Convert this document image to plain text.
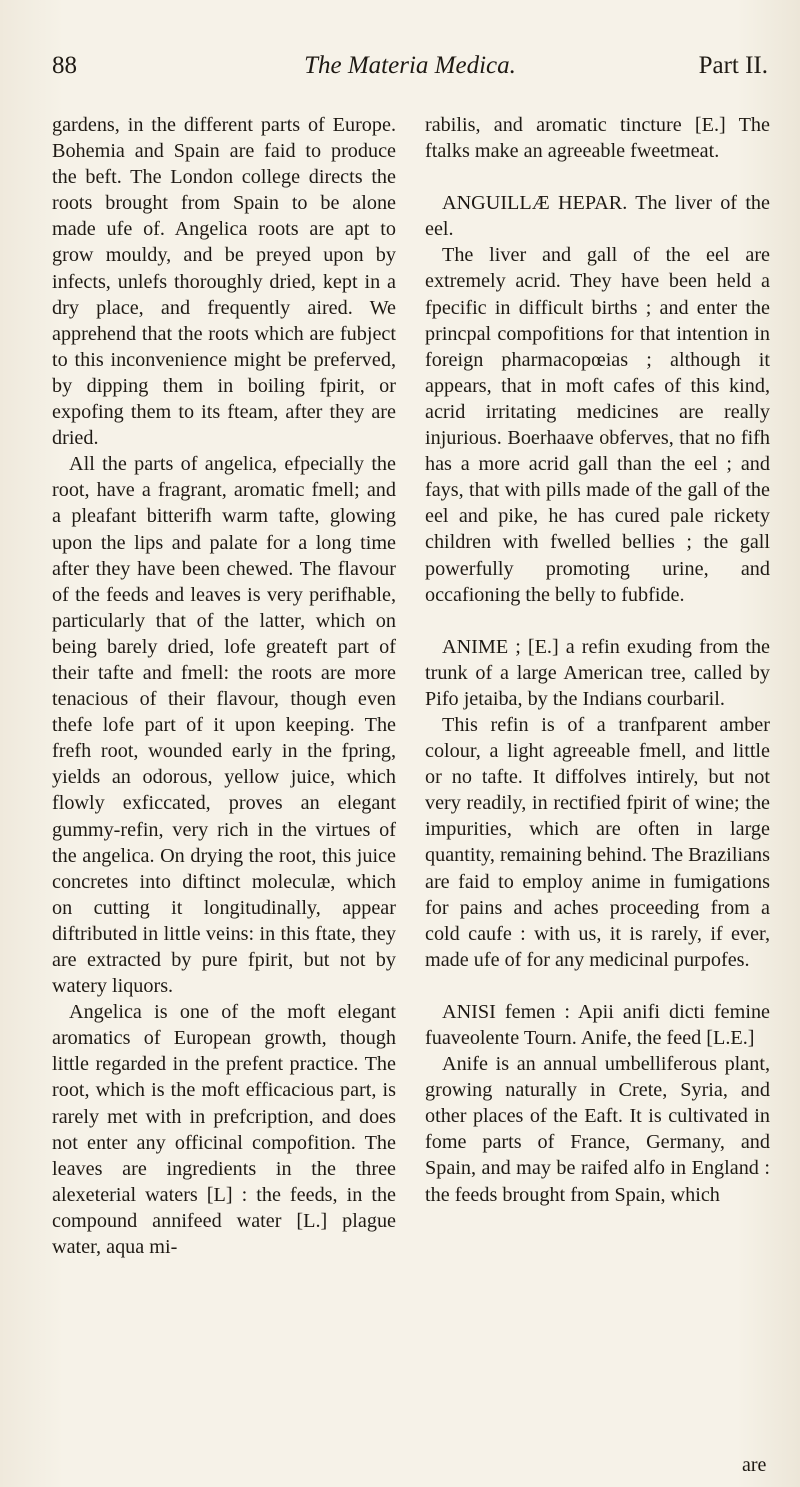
88	The Materia Medica.	Part II.

gardens, in the different parts of Europe. Bohemia and Spain are faid to produce the beft. The London college directs the roots brought from Spain to be alone made ufe of. Angelica roots are apt to grow mouldy, and be preyed upon by infects, unlefs thoroughly dried, kept in a dry place, and frequently aired. We apprehend that the roots which are fubject to this inconvenience might be preferved, by dipping them in boiling fpirit, or expofing them to its fteam, after they are dried.

All the parts of angelica, efpecially the root, have a fragrant, aromatic fmell; and a pleafant bitterifh warm tafte, glowing upon the lips and palate for a long time after they have been chewed. The flavour of the feeds and leaves is very perifhable, particularly that of the latter, which on being barely dried, lofe greateft part of their tafte and fmell: the roots are more tenacious of their flavour, though even thefe lofe part of it upon keeping. The frefh root, wounded early in the fpring, yields an odorous, yellow juice, which flowly exficcated, proves an elegant gummy-refin, very rich in the virtues of the angelica. On drying the root, this juice concretes into diftinct moleculæ, which on cutting it longitudinally, appear diftributed in little veins: in this ftate, they are extracted by pure fpirit, but not by watery liquors.

Angelica is one of the moft elegant aromatics of European growth, though little regarded in the prefent practice. The root, which is the moft efficacious part, is rarely met with in prefcription, and does not enter any officinal compofition. The leaves are ingredients in the three alexeterial waters [L] : the feeds, in the compound annifeed water [L.] plague water, aqua mi-

rabilis, and aromatic tincture [E.] The ftalks make an agreeable fweetmeat.

ANGUILLÆ HEPAR. The liver of the eel.

The liver and gall of the eel are extremely acrid. They have been held a fpecific in difficult births ; and enter the princpal compofitions for that intention in foreign pharmacopœias ; although it appears, that in moft cafes of this kind, acrid irritating medicines are really injurious. Boerhaave obferves, that no fifh has a more acrid gall than the eel ; and fays, that with pills made of the gall of the eel and pike, he has cured pale rickety children with fwelled bellies ; the gall powerfully promoting urine, and occafioning the belly to fubfide.

ANIME ; [E.] a refin exuding from the trunk of a large American tree, called by Pifo jetaiba, by the Indians courbaril.

This refin is of a tranfparent amber colour, a light agreeable fmell, and little or no tafte. It diffolves intirely, but not very readily, in rectified fpirit of wine; the impurities, which are often in large quantity, remaining behind. The Brazilians are faid to employ anime in fumigations for pains and aches proceeding from a cold caufe : with us, it is rarely, if ever, made ufe of for any medicinal purpofes.

ANISI femen : Apii anifi dicti femine fuaveolente Tourn. Anife, the feed [L.E.]

Anife is an annual umbelliferous plant, growing naturally in Crete, Syria, and other places of the Eaft. It is cultivated in fome parts of France, Germany, and Spain, and may be raifed alfo in England : the feeds brought from Spain, which

are
